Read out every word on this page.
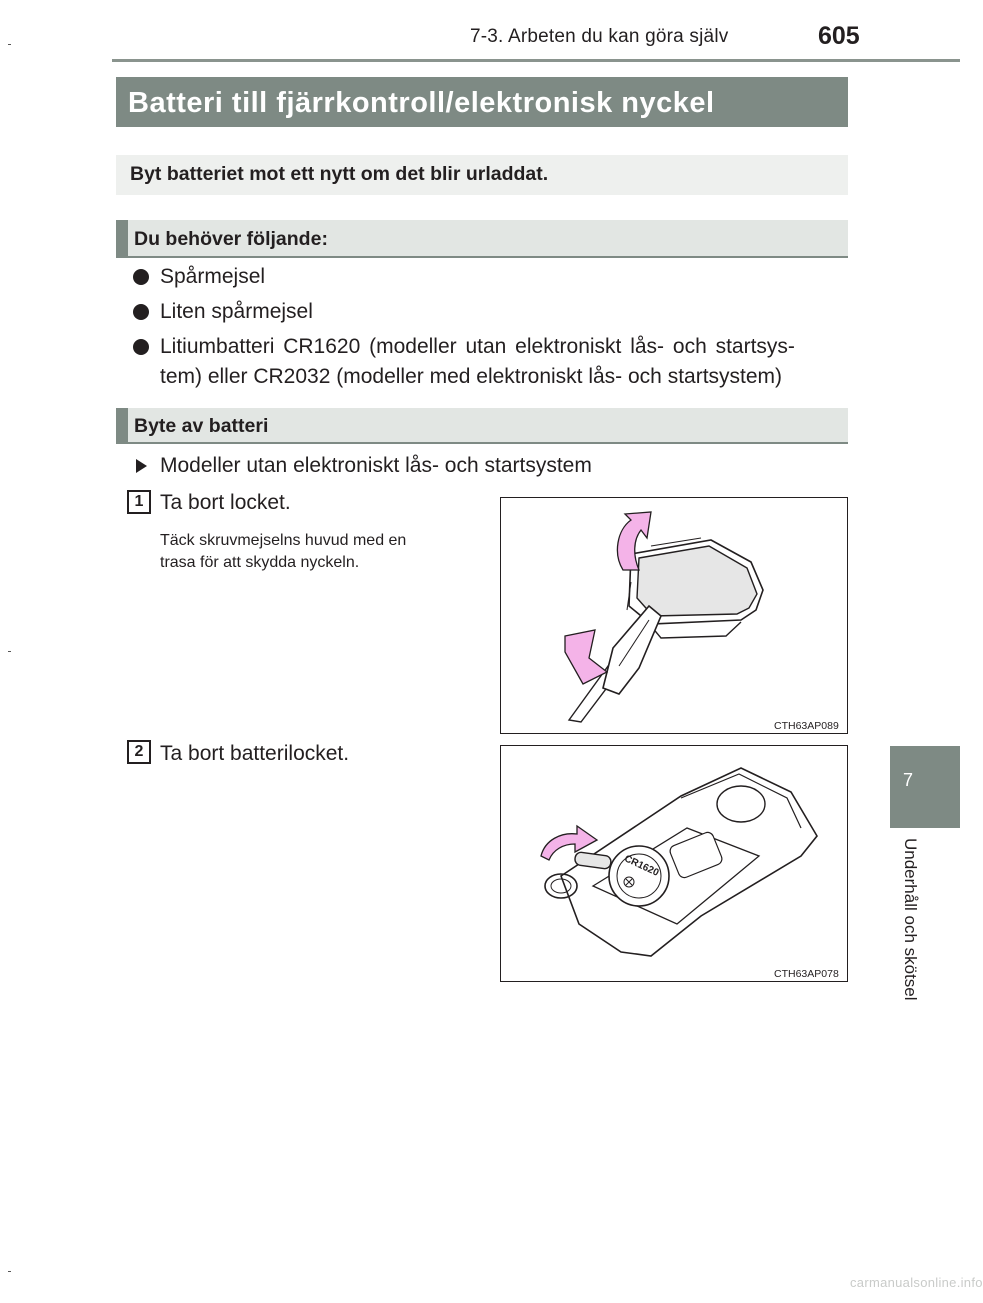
7-3. Arbeten du kan göra själv	605
Batteri till fjärrkontroll/elektronisk nyckel
Byt batteriet mot ett nytt om det blir urladdat.
Du behöver följande:
Spårmejsel
Liten spårmejsel
Litiumbatteri CR1620 (modeller utan elektroniskt lås- och startsys-
tem) eller CR2032 (modeller med elektroniskt lås- och startsystem)
Byte av batteri
Modeller utan elektroniskt lås- och startsystem
1 Ta bort locket.
Täck skruvmejselns huvud med en
trasa för att skydda nyckeln.
CTH63AP089
2 Ta bort batterilocket.
CR1620
CTH63AP078
7
Underhåll och skötsel
carmanualsonline.info
